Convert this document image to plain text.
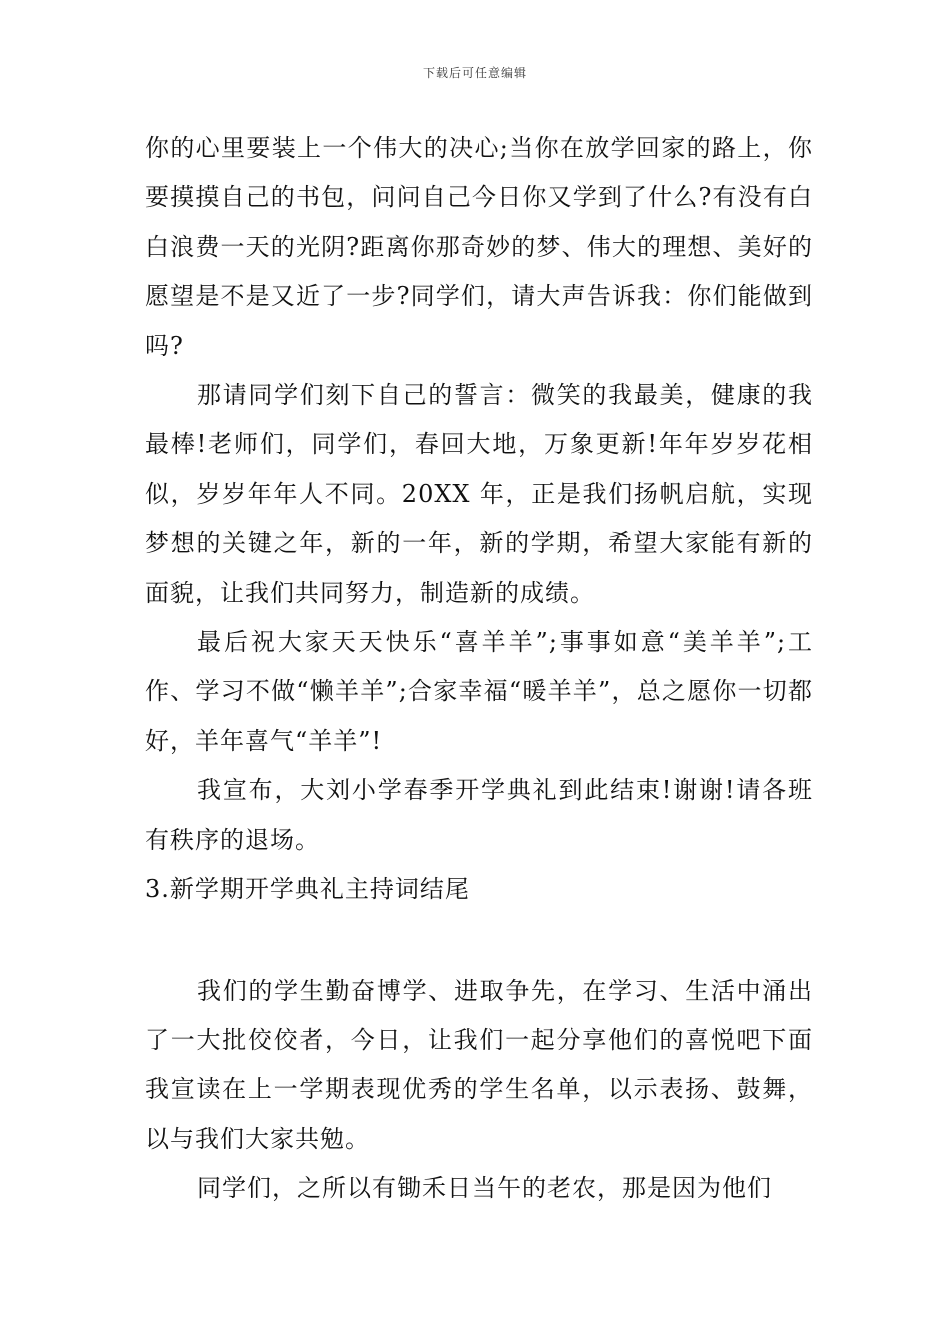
下载后可任意编辑

你的心里要装上一个伟大的决心;当你在放学回家的路上，你要摸摸自己的书包，问问自己今日你又学到了什么?有没有白白浪费一天的光阴?距离你那奇妙的梦、伟大的理想、美好的愿望是不是又近了一步?同学们，请大声告诉我：你们能做到吗?

那请同学们刻下自己的誓言：微笑的我最美，健康的我最棒!老师们，同学们，春回大地，万象更新!年年岁岁花相似，岁岁年年人不同。20XX 年，正是我们扬帆启航，实现梦想的关键之年，新的一年，新的学期，希望大家能有新的面貌，让我们共同努力，制造新的成绩。

最后祝大家天天快乐“喜羊羊”;事事如意“美羊羊”;工作、学习不做“懒羊羊”;合家幸福“暖羊羊”，总之愿你一切都好，羊年喜气“羊羊”!

我宣布，大刘小学春季开学典礼到此结束!谢谢!请各班有秩序的退场。

3.新学期开学典礼主持词结尾

我们的学生勤奋博学、进取争先，在学习、生活中涌出了一大批佼佼者，今日，让我们一起分享他们的喜悦吧下面我宣读在上一学期表现优秀的学生名单，以示表扬、鼓舞，以与我们大家共勉。

同学们，之所以有锄禾日当午的老农，那是因为他们
